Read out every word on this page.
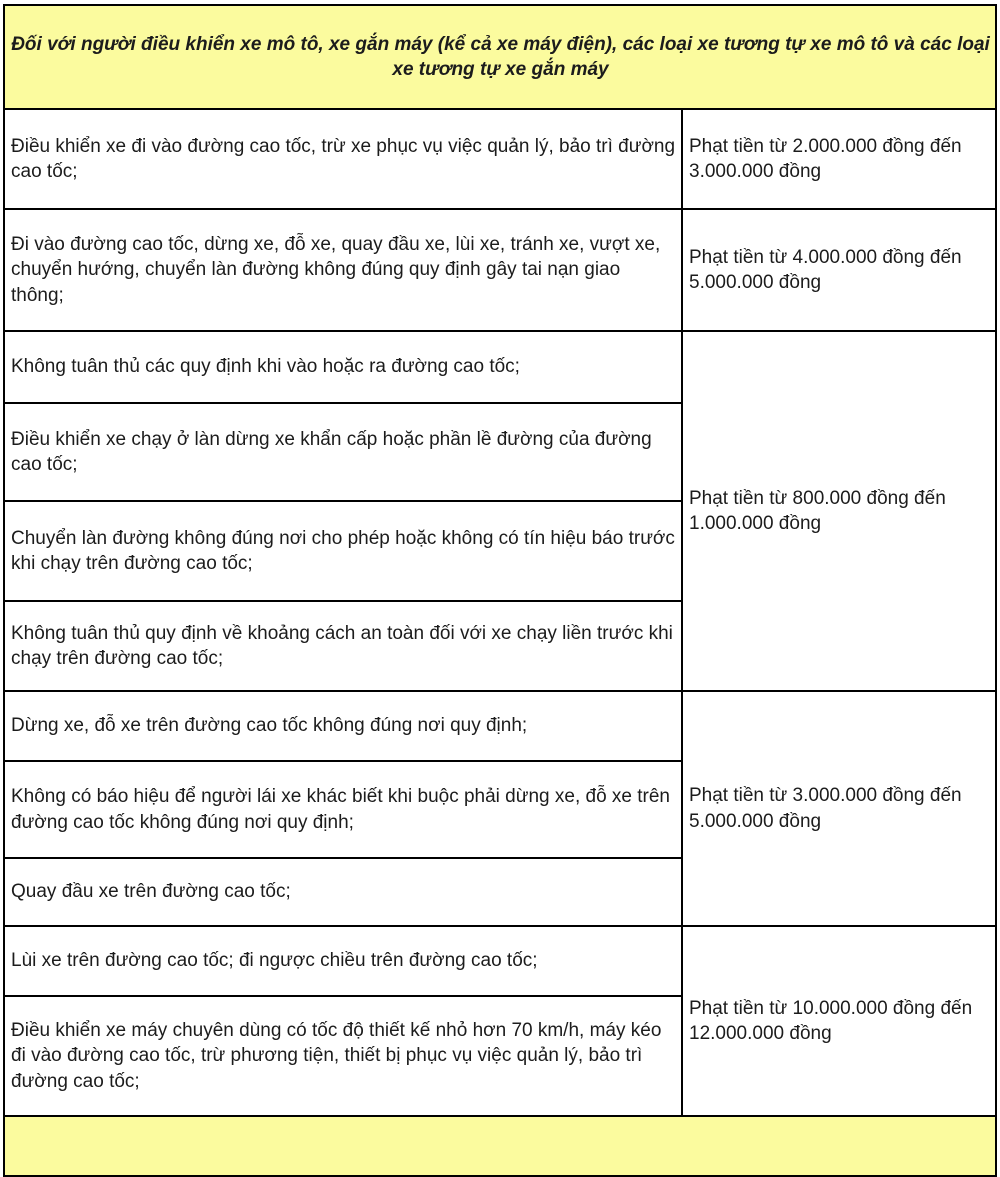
Đối với người điều khiển xe mô tô, xe gắn máy (kể cả xe máy điện), các loại xe tương tự xe mô tô và các loại xe tương tự xe gắn máy	
Điều khiển xe đi vào đường cao tốc, trừ xe phục vụ việc quản lý, bảo trì đường cao tốc;	Phạt tiền từ 2.000.000 đồng đến 3.000.000 đồng
Đi vào đường cao tốc, dừng xe, đỗ xe, quay đầu xe, lùi xe, tránh xe, vượt xe, chuyển hướng, chuyển làn đường không đúng quy định gây tai nạn giao thông;	Phạt tiền từ 4.000.000 đồng đến 5.000.000 đồng
Không tuân thủ các quy định khi vào hoặc ra đường cao tốc;	Phạt tiền từ 800.000 đồng đến 1.000.000 đồng
Điều khiển xe chạy ở làn dừng xe khẩn cấp hoặc phần lề đường của đường cao tốc;	
Chuyển làn đường không đúng nơi cho phép hoặc không có tín hiệu báo trước khi chạy trên đường cao tốc;	
Không tuân thủ quy định về khoảng cách an toàn đối với xe chạy liền trước khi chạy trên đường cao tốc;	
Dừng xe, đỗ xe trên đường cao tốc không đúng nơi quy định;	Phạt tiền từ 3.000.000 đồng đến 5.000.000 đồng
Không có báo hiệu để người lái xe khác biết khi buộc phải dừng xe, đỗ xe trên đường cao tốc không đúng nơi quy định;	
Quay đầu xe trên đường cao tốc;	
Lùi xe trên đường cao tốc; đi ngược chiều trên đường cao tốc;	Phạt tiền từ 10.000.000 đồng đến 12.000.000 đồng
Điều khiển xe máy chuyên dùng có tốc độ thiết kế nhỏ hơn 70 km/h, máy kéo đi vào đường cao tốc, trừ phương tiện, thiết bị phục vụ việc quản lý, bảo trì đường cao tốc;	
